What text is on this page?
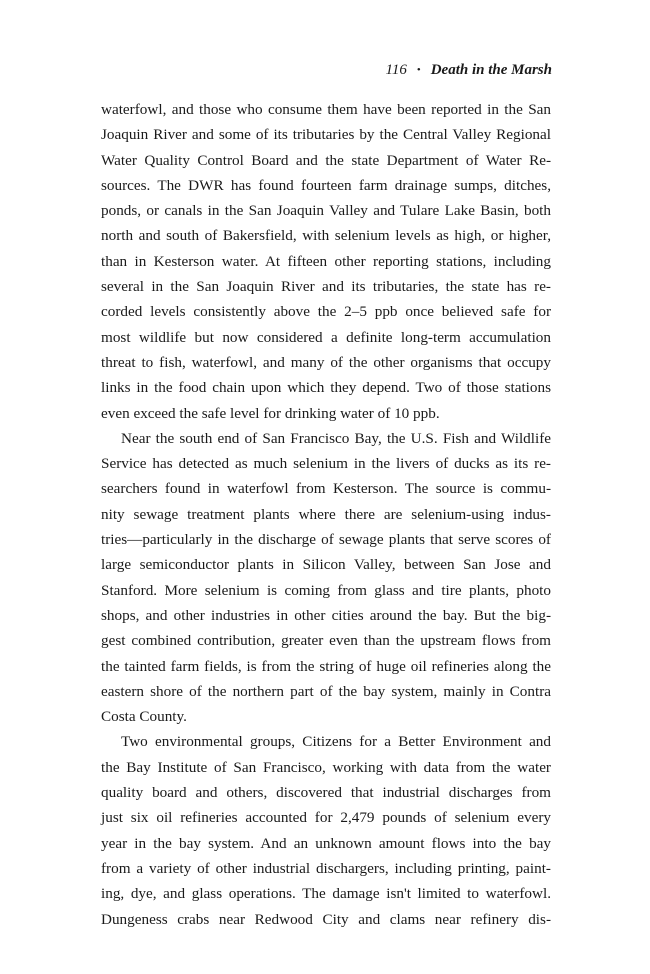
116 • Death in the Marsh
waterfowl, and those who consume them have been reported in the San
Joaquin River and some of its tributaries by the Central Valley Regional
Water Quality Control Board and the state Department of Water Re-
sources. The DWR has found fourteen farm drainage sumps, ditches,
ponds, or canals in the San Joaquin Valley and Tulare Lake Basin, both
north and south of Bakersfield, with selenium levels as high, or higher,
than in Kesterson water. At fifteen other reporting stations, including
several in the San Joaquin River and its tributaries, the state has re-
corded levels consistently above the 2–5 ppb once believed safe for
most wildlife but now considered a definite long-term accumulation
threat to fish, waterfowl, and many of the other organisms that occupy
links in the food chain upon which they depend. Two of those stations
even exceed the safe level for drinking water of 10 ppb.
Near the south end of San Francisco Bay, the U.S. Fish and Wildlife
Service has detected as much selenium in the livers of ducks as its re-
searchers found in waterfowl from Kesterson. The source is commu-
nity sewage treatment plants where there are selenium-using indus-
tries—particularly in the discharge of sewage plants that serve scores of
large semiconductor plants in Silicon Valley, between San Jose and
Stanford. More selenium is coming from glass and tire plants, photo
shops, and other industries in other cities around the bay. But the big-
gest combined contribution, greater even than the upstream flows from
the tainted farm fields, is from the string of huge oil refineries along the
eastern shore of the northern part of the bay system, mainly in Contra
Costa County.
Two environmental groups, Citizens for a Better Environment and
the Bay Institute of San Francisco, working with data from the water
quality board and others, discovered that industrial discharges from
just six oil refineries accounted for 2,479 pounds of selenium every
year in the bay system. And an unknown amount flows into the bay
from a variety of other industrial dischargers, including printing, paint-
ing, dye, and glass operations. The damage isn't limited to waterfowl.
Dungeness crabs near Redwood City and clams near refinery dis-
